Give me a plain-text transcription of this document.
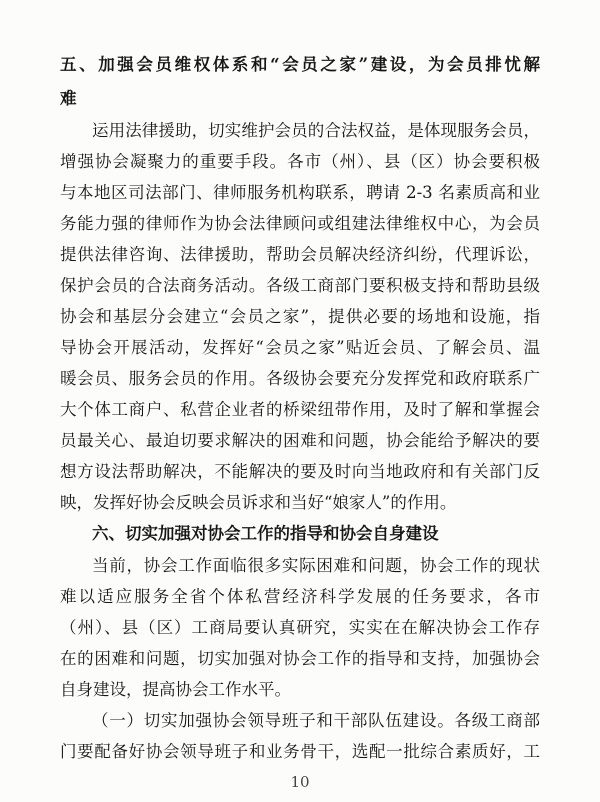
五、加强会员维权体系和“会员之家”建设，为会员排忧解
难
运用法律援助，切实维护会员的合法权益，是体现服务会员，
增强协会凝聚力的重要手段。各市（州）、县（区）协会要积极
与本地区司法部门、律师服务机构联系，聘请 2-3 名素质高和业
务能力强的律师作为协会法律顾问或组建法律维权中心，为会员
提供法律咨询、法律援助，帮助会员解决经济纠纷，代理诉讼，
保护会员的合法商务活动。各级工商部门要积极支持和帮助县级
协会和基层分会建立“会员之家”，提供必要的场地和设施，指
导协会开展活动，发挥好“会员之家”贴近会员、了解会员、温
暖会员、服务会员的作用。各级协会要充分发挥党和政府联系广
大个体工商户、私营企业者的桥梁纽带作用，及时了解和掌握会
员最关心、最迫切要求解决的困难和问题，协会能给予解决的要
想方设法帮助解决，不能解决的要及时向当地政府和有关部门反
映，发挥好协会反映会员诉求和当好“娘家人”的作用。
六、切实加强对协会工作的指导和协会自身建设
当前，协会工作面临很多实际困难和问题，协会工作的现状
难以适应服务全省个体私营经济科学发展的任务要求，各市
（州）、县（区）工商局要认真研究，实实在在解决协会工作存
在的困难和问题，切实加强对协会工作的指导和支持，加强协会
自身建设，提高协会工作水平。
（一）切实加强协会领导班子和干部队伍建设。各级工商部
门要配备好协会领导班子和业务骨干，选配一批综合素质好，工
10
